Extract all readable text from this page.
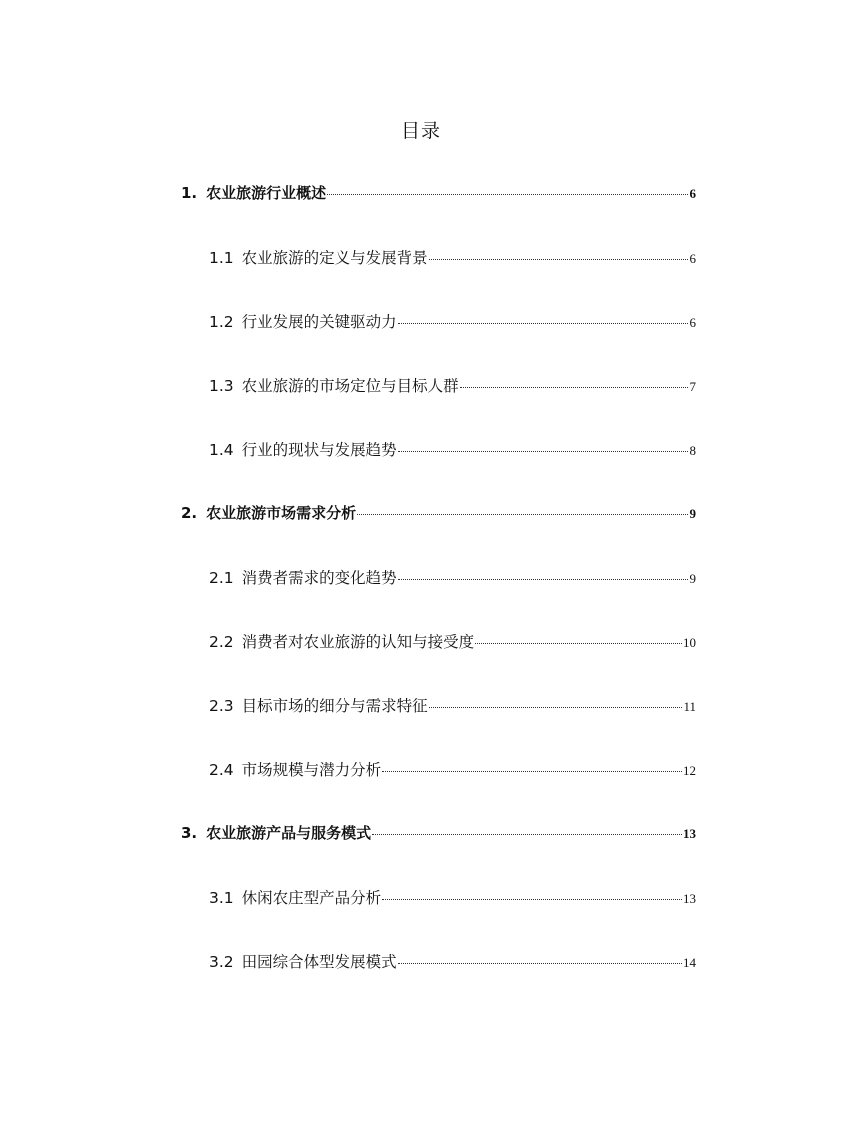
目录
1. 农业旅游行业概述	6
1.1 农业旅游的定义与发展背景	6
1.2 行业发展的关键驱动力	6
1.3 农业旅游的市场定位与目标人群	7
1.4 行业的现状与发展趋势	8
2. 农业旅游市场需求分析	9
2.1 消费者需求的变化趋势	9
2.2 消费者对农业旅游的认知与接受度	10
2.3 目标市场的细分与需求特征	11
2.4 市场规模与潜力分析	12
3. 农业旅游产品与服务模式	13
3.1 休闲农庄型产品分析	13
3.2 田园综合体型发展模式	14
